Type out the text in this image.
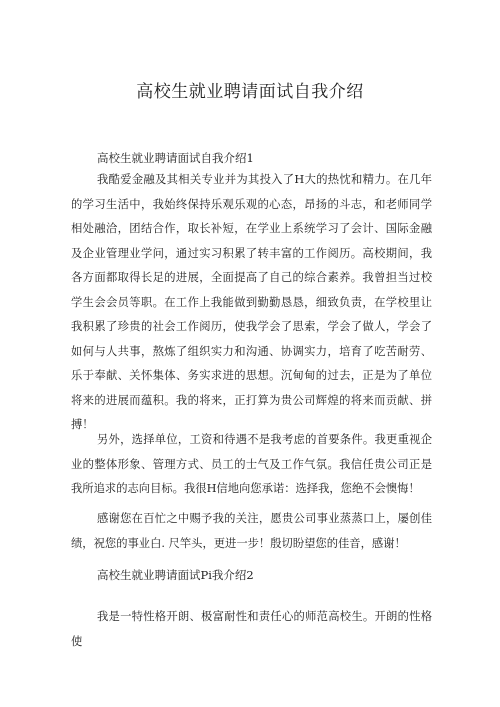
高校生就业聘请面试自我介绍
高校生就业聘请面试自我介绍1

我酷爱金融及其相关专业并为其投入了H大的热忱和精力。在几年的学习生活中，我始终保持乐观乐观的心态，昂扬的斗志，和老师同学相处融洽，团结合作，取长补短，在学业上系统学习了会计、国际金融及企业管理业学问，通过实习积累了转丰富的工作阅历。高校期间，我各方面都取得长足的进展，全面提高了自己的综合素养。我曾担当过校学生会会员等职。在工作上我能做到勤勤恳恳，细致负责，在学校里让我积累了珍贵的社会工作阅历，使我学会了思索，学会了做人，学会了如何与人共事，熬炼了组织实力和沟通、协调实力，培育了吃苦耐劳、乐于奉献、关怀集体、务实求进的思想。沉甸甸的过去，正是为了单位将来的进展而蕴积。我的将来，正打算为贵公司辉煌的将来而贡献、拼搏！

另外，选择单位，工资和待遇不是我考虑的首要条件。我更重视企业的整体形象、管理方式、员工的士气及工作气氛。我信任贵公司正是我所追求的志向目标。我很H信地向您承诺：选择我，您绝不会懊悔！

感谢您在百忙之中赐予我的关注，愿贵公司事业蒸蒸口上，屡创佳绩，祝您的事业白. 尺竿头，更进一步！殷切盼望您的佳音，感谢！

高校生就业聘请面试Pi我介绍2

我是一特性格开朗、极富耐性和责任心的师范高校生。开朗的性格使
